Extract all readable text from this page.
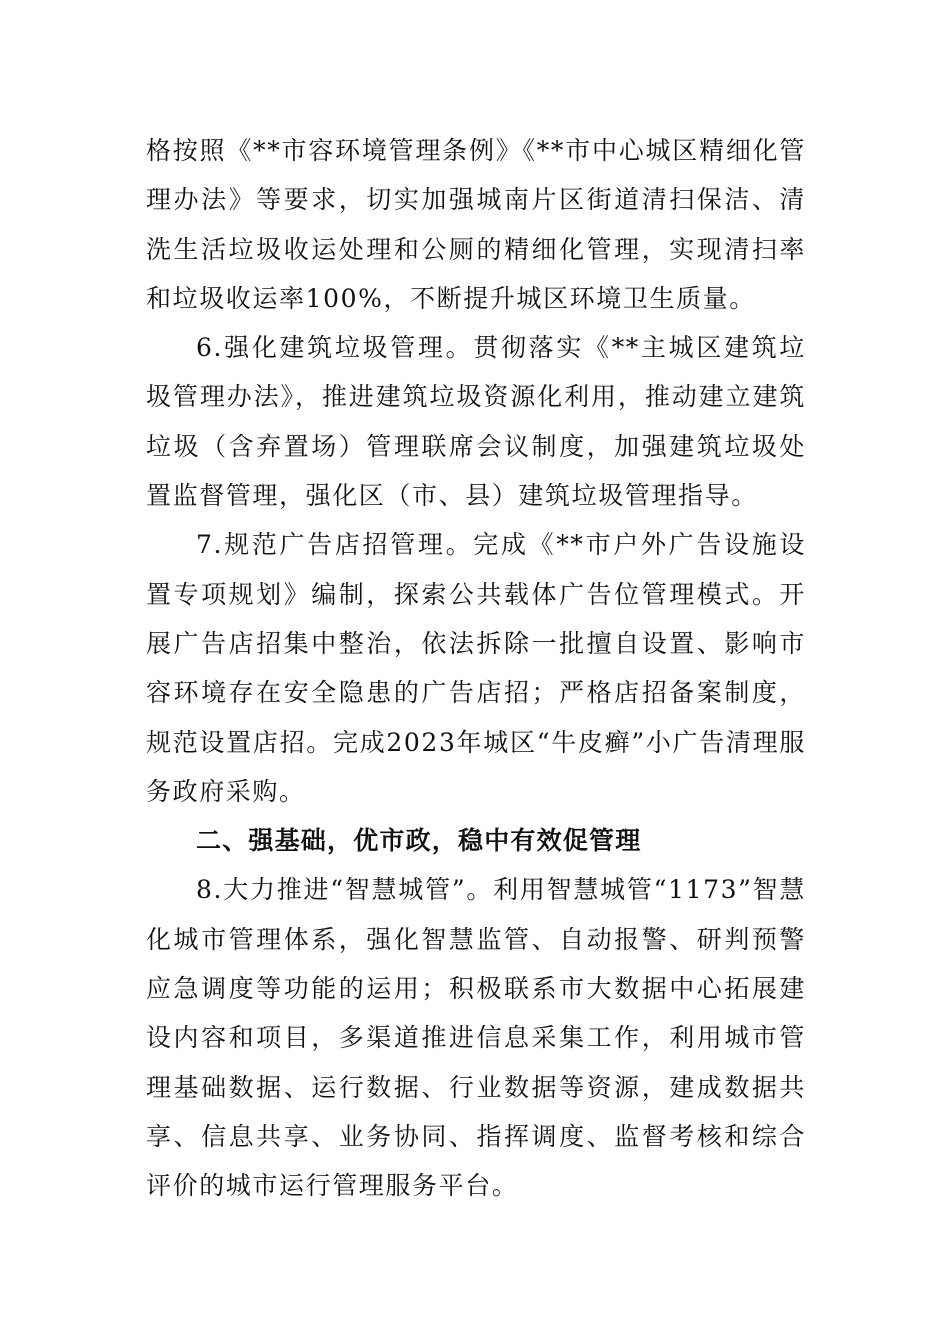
格按照《**市容环境管理条例》《**市中心城区精细化管理办法》等要求，切实加强城南片区街道清扫保洁、清洗生活垃圾收运处理和公厕的精细化管理，实现清扫率和垃圾收运率100%，不断提升城区环境卫生质量。

6.强化建筑垃圾管理。贯彻落实《**主城区建筑垃圾管理办法》，推进建筑垃圾资源化利用，推动建立建筑垃圾（含弃置场）管理联席会议制度，加强建筑垃圾处置监督管理，强化区（市、县）建筑垃圾管理指导。

7.规范广告店招管理。完成《**市户外广告设施设置专项规划》编制，探索公共载体广告位管理模式。开展广告店招集中整治，依法拆除一批擅自设置、影响市容环境存在安全隐患的广告店招；严格店招备案制度，规范设置店招。完成2023年城区“牛皮癣”小广告清理服务政府采购。

二、强基础，优市政，稳中有效促管理

8.大力推进“智慧城管”。利用智慧城管“1173”智慧化城市管理体系，强化智慧监管、自动报警、研判预警应急调度等功能的运用；积极联系市大数据中心拓展建设内容和项目，多渠道推进信息采集工作，利用城市管理基础数据、运行数据、行业数据等资源，建成数据共享、信息共享、业务协同、指挥调度、监督考核和综合评价的城市运行管理服务平台。
